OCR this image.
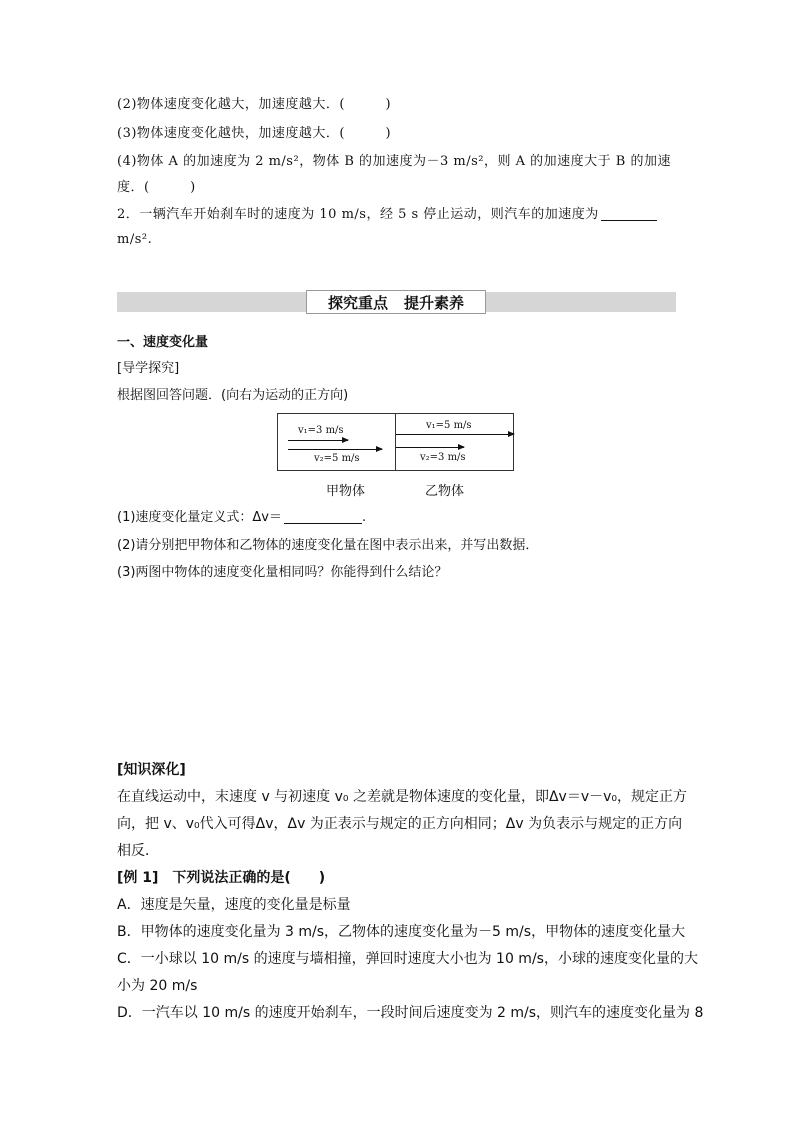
(2)物体速度变化越大，加速度越大．(　　　)
(3)物体速度变化越快，加速度越大．(　　　)
(4)物体 A 的加速度为 2 m/s²，物体 B 的加速度为－3 m/s²，则 A 的加速度大于 B 的加速
度．(　　　)
2．一辆汽车开始刹车时的速度为 10 m/s，经 5 s 停止运动，则汽车的加速度为
m/s².
探究重点 提升素养
一、速度变化量
[导学探究]
根据图回答问题．(向右为运动的正方向)
v₁=3 m/s
v₂=5 m/s
v₁=5 m/s
v₂=3 m/s
甲物体	乙物体
(1)速度变化量定义式：Δv＝	.
(2)请分别把甲物体和乙物体的速度变化量在图中表示出来，并写出数据．
(3)两图中物体的速度变化量相同吗？你能得到什么结论？
[知识深化]
在直线运动中，末速度 v 与初速度 v₀ 之差就是物体速度的变化量，即Δv＝v－v₀，规定正方
向，把 v、v₀代入可得Δv，Δv 为正表示与规定的正方向相同；Δv 为负表示与规定的正方向
相反．
[例 1]　下列说法正确的是(　　)
A．速度是矢量，速度的变化量是标量
B．甲物体的速度变化量为 3 m/s，乙物体的速度变化量为－5 m/s，甲物体的速度变化量大
C．一小球以 10 m/s 的速度与墙相撞，弹回时速度大小也为 10 m/s，小球的速度变化量的大
小为 20 m/s
D．一汽车以 10 m/s 的速度开始刹车，一段时间后速度变为 2 m/s，则汽车的速度变化量为 8
